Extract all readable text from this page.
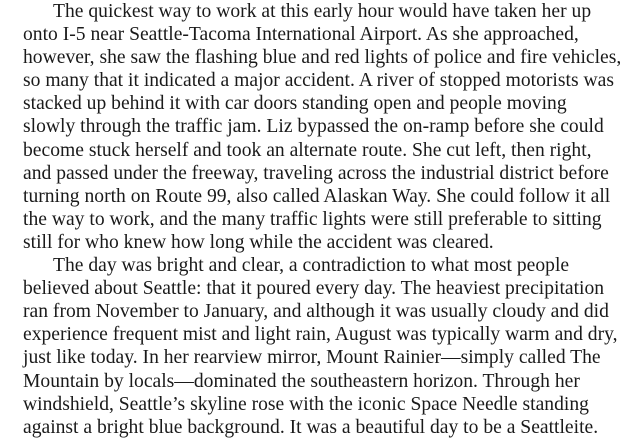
The quickest way to work at this early hour would have taken her up
onto I-5 near Seattle-Tacoma International Airport. As she approached,
however, she saw the flashing blue and red lights of police and fire vehicles,
so many that it indicated a major accident. A river of stopped motorists was
stacked up behind it with car doors standing open and people moving
slowly through the traffic jam. Liz bypassed the on-ramp before she could
become stuck herself and took an alternate route. She cut left, then right,
and passed under the freeway, traveling across the industrial district before
turning north on Route 99, also called Alaskan Way. She could follow it all
the way to work, and the many traffic lights were still preferable to sitting
still for who knew how long while the accident was cleared.

The day was bright and clear, a contradiction to what most people
believed about Seattle: that it poured every day. The heaviest precipitation
ran from November to January, and although it was usually cloudy and did
experience frequent mist and light rain, August was typically warm and dry,
just like today. In her rearview mirror, Mount Rainier—simply called The
Mountain by locals—dominated the southeastern horizon. Through her
windshield, Seattle’s skyline rose with the iconic Space Needle standing
against a bright blue background. It was a beautiful day to be a Seattleite.
